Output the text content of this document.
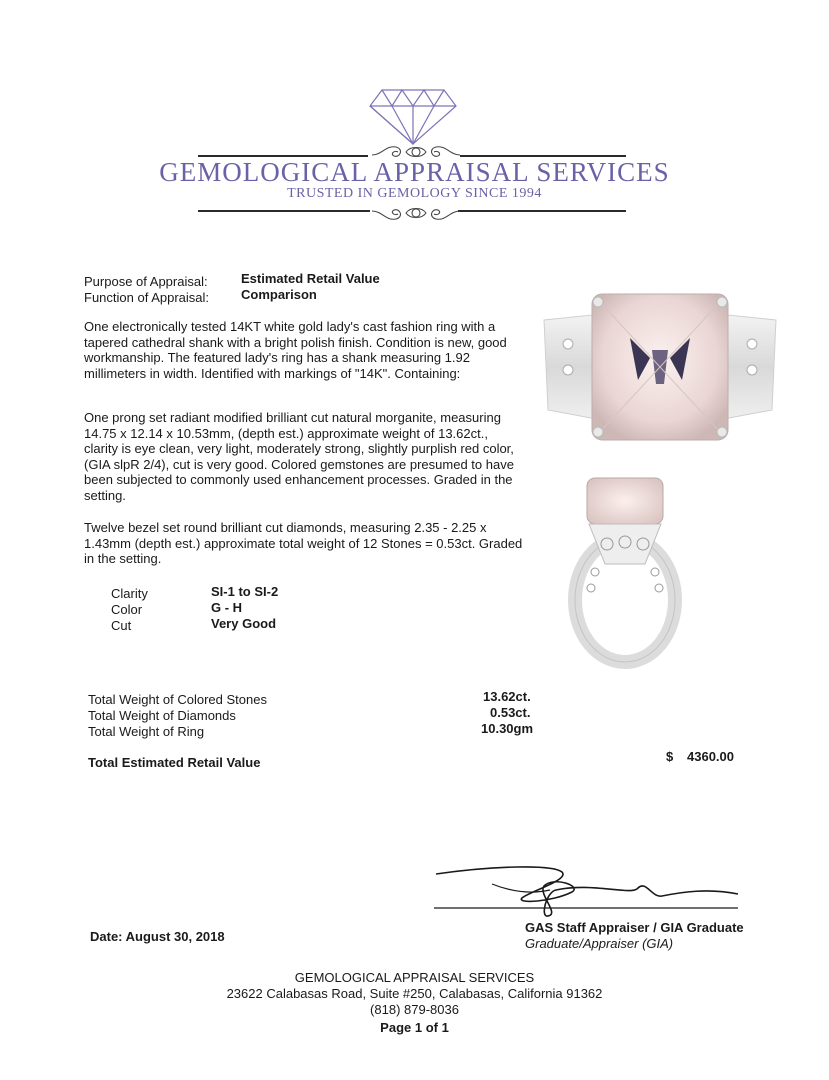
GEMOLOGICAL APPRAISAL SERVICES
TRUSTED IN GEMOLOGY SINCE 1994
Purpose of Appraisal:	Estimated Retail Value
Function of Appraisal: Comparison

One electronically tested 14KT white gold lady's cast fashion ring with a tapered cathedral shank with a bright polish finish. Condition is new, good workmanship. The featured lady's ring has a shank measuring 1.92 millimeters in width. Identified with markings of "14K". Containing:

One prong set radiant modified brilliant cut natural morganite, measuring 14.75 x 12.14 x 10.53mm, (depth est.) approximate weight of 13.62ct., clarity is eye clean, very light, moderately strong, slightly purplish red color, (GIA slpR 2/4), cut is very good. Colored gemstones are presumed to have been subjected to commonly used enhancement processes. Graded in the setting.

Twelve bezel set round brilliant cut diamonds, measuring 2.35 - 2.25 x 1.43mm (depth est.) approximate total weight of 12 Stones = 0.53ct. Graded in the setting.

Clarity	SI-1 to SI-2
Color	G - H
Cut	Very Good
Total Weight of Colored Stones	13.62ct.
Total Weight of Diamonds	0.53ct.
Total Weight of Ring	10.30gm
Total Estimated Retail Value	$ 4360.00
Date: August 30, 2018
GAS Staff Appraiser / GIA Graduate
Graduate/Appraiser (GIA)
GEMOLOGICAL APPRAISAL SERVICES
23622 Calabasas Road, Suite #250, Calabasas, California 91362
(818) 879-8036
Page 1 of 1
